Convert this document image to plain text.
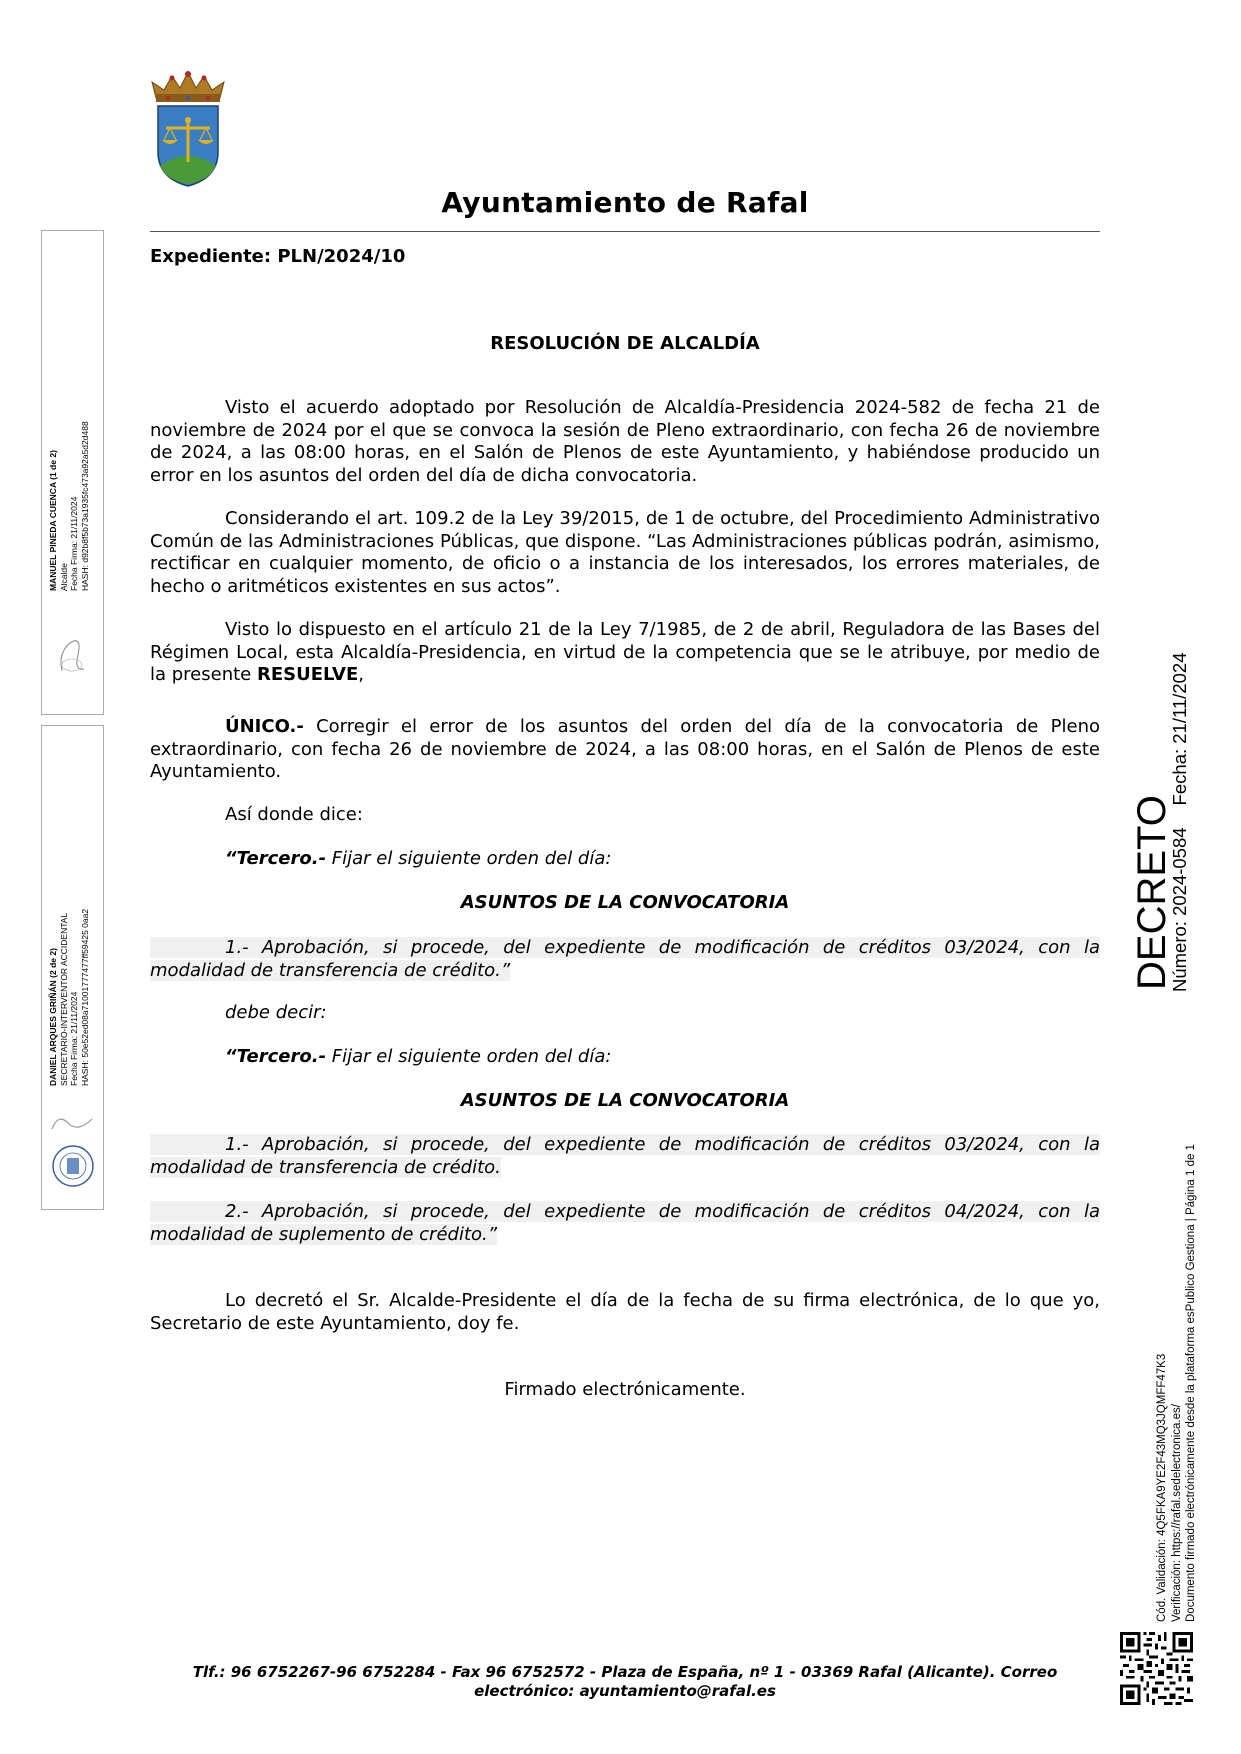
Ayuntamiento de Rafal
Expediente: PLN/2024/10
RESOLUCIÓN DE ALCALDÍA
Visto el acuerdo adoptado por Resolución de Alcaldía-Presidencia 2024-582 de fecha 21 de noviembre de 2024 por el que se convoca la sesión de Pleno extraordinario, con fecha 26 de noviembre de 2024, a las 08:00 horas, en el Salón de Plenos de este Ayuntamiento, y habiéndose producido un error en los asuntos del orden del día de dicha convocatoria.
Considerando el art. 109.2 de la Ley 39/2015, de 1 de octubre, del Procedimiento Administrativo Común de las Administraciones Públicas, que dispone. “Las Administraciones públicas podrán, asimismo, rectificar en cualquier momento, de oficio o a instancia de los interesados, los errores materiales, de hecho o aritméticos existentes en sus actos”.
Visto lo dispuesto en el artículo 21 de la Ley 7/1985, de 2 de abril, Reguladora de las Bases del Régimen Local, esta Alcaldía-Presidencia, en virtud de la competencia que se le atribuye, por medio de la presente RESUELVE,
ÚNICO.- Corregir el error de los asuntos del orden del día de la convocatoria de Pleno extraordinario, con fecha 26 de noviembre de 2024, a las 08:00 horas, en el Salón de Plenos de este Ayuntamiento.
Así donde dice:
“Tercero.- Fijar el siguiente orden del día:
ASUNTOS DE LA CONVOCATORIA
1.- Aprobación, si procede, del expediente de modificación de créditos 03/2024, con la modalidad de transferencia de crédito.”
debe decir:
“Tercero.- Fijar el siguiente orden del día:
ASUNTOS DE LA CONVOCATORIA
1.- Aprobación, si procede, del expediente de modificación de créditos 03/2024, con la modalidad de transferencia de crédito.
2.- Aprobación, si procede, del expediente de modificación de créditos 04/2024, con la modalidad de suplemento de crédito.”
Lo decretó el Sr. Alcalde-Presidente el día de la fecha de su firma electrónica, de lo que yo, Secretario de este Ayuntamiento, doy fe.
Firmado electrónicamente.
MANUEL PINEDA CUENCA (1 de 2) Alcalde Fecha Firma: 21/11/2024 HASH: d92b8f5b73a1935fc473a92a5d2d488
DANIEL ARQUES GRIÑÁN (2 de 2) SECRETARIO-INTERVENTOR ACCIDENTAL Fecha Firma: 21/11/2024 HASH: 50e52ed08a71001777477ff59425 0aa2
DECRETO
Número: 2024-0584Fecha: 21/11/2024
Cód. Validación: 4Q5FKA9YE2F43MQ3JQMFF47K3 Verificación: https://rafal.sedelectronica.es/ Documento firmado electrónicamente desde la plataforma esPublico Gestiona | Página 1 de 1
Tlf.: 96 6752267-96 6752284 - Fax 96 6752572 - Plaza de España, nº 1 - 03369 Rafal (Alicante). Correo
electrónico: ayuntamiento@rafal.es
